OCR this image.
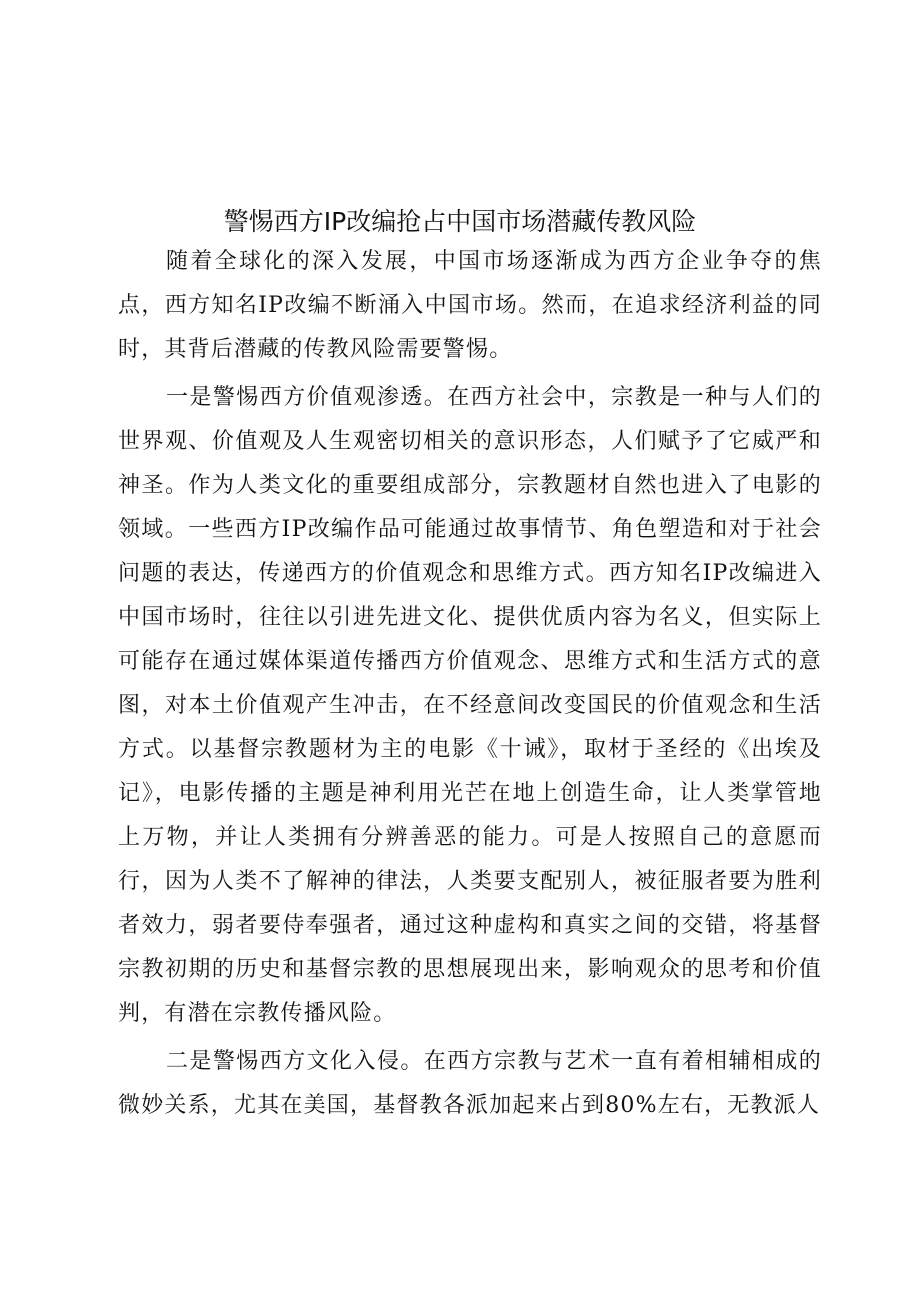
警惕西方IP改编抢占中国市场潜藏传教风险

随着全球化的深入发展，中国市场逐渐成为西方企业争夺的焦点，西方知名IP改编不断涌入中国市场。然而，在追求经济利益的同时，其背后潜藏的传教风险需要警惕。

一是警惕西方价值观渗透。在西方社会中，宗教是一种与人们的世界观、价值观及人生观密切相关的意识形态，人们赋予了它威严和神圣。作为人类文化的重要组成部分，宗教题材自然也进入了电影的领域。一些西方IP改编作品可能通过故事情节、角色塑造和对于社会问题的表达，传递西方的价值观念和思维方式。西方知名IP改编进入中国市场时，往往以引进先进文化、提供优质内容为名义，但实际上可能存在通过媒体渠道传播西方价值观念、思维方式和生活方式的意图，对本土价值观产生冲击，在不经意间改变国民的价值观念和生活方式。以基督宗教题材为主的电影《十诫》，取材于圣经的《出埃及记》，电影传播的主题是神利用光芒在地上创造生命，让人类掌管地上万物，并让人类拥有分辨善恶的能力。可是人按照自己的意愿而行，因为人类不了解神的律法，人类要支配别人，被征服者要为胜利者效力，弱者要侍奉强者，通过这种虚构和真实之间的交错，将基督宗教初期的历史和基督宗教的思想展现出来，影响观众的思考和价值判，有潜在宗教传播风险。

二是警惕西方文化入侵。在西方宗教与艺术一直有着相辅相成的微妙关系，尤其在美国，基督教各派加起来占到80%左右，无教派人
